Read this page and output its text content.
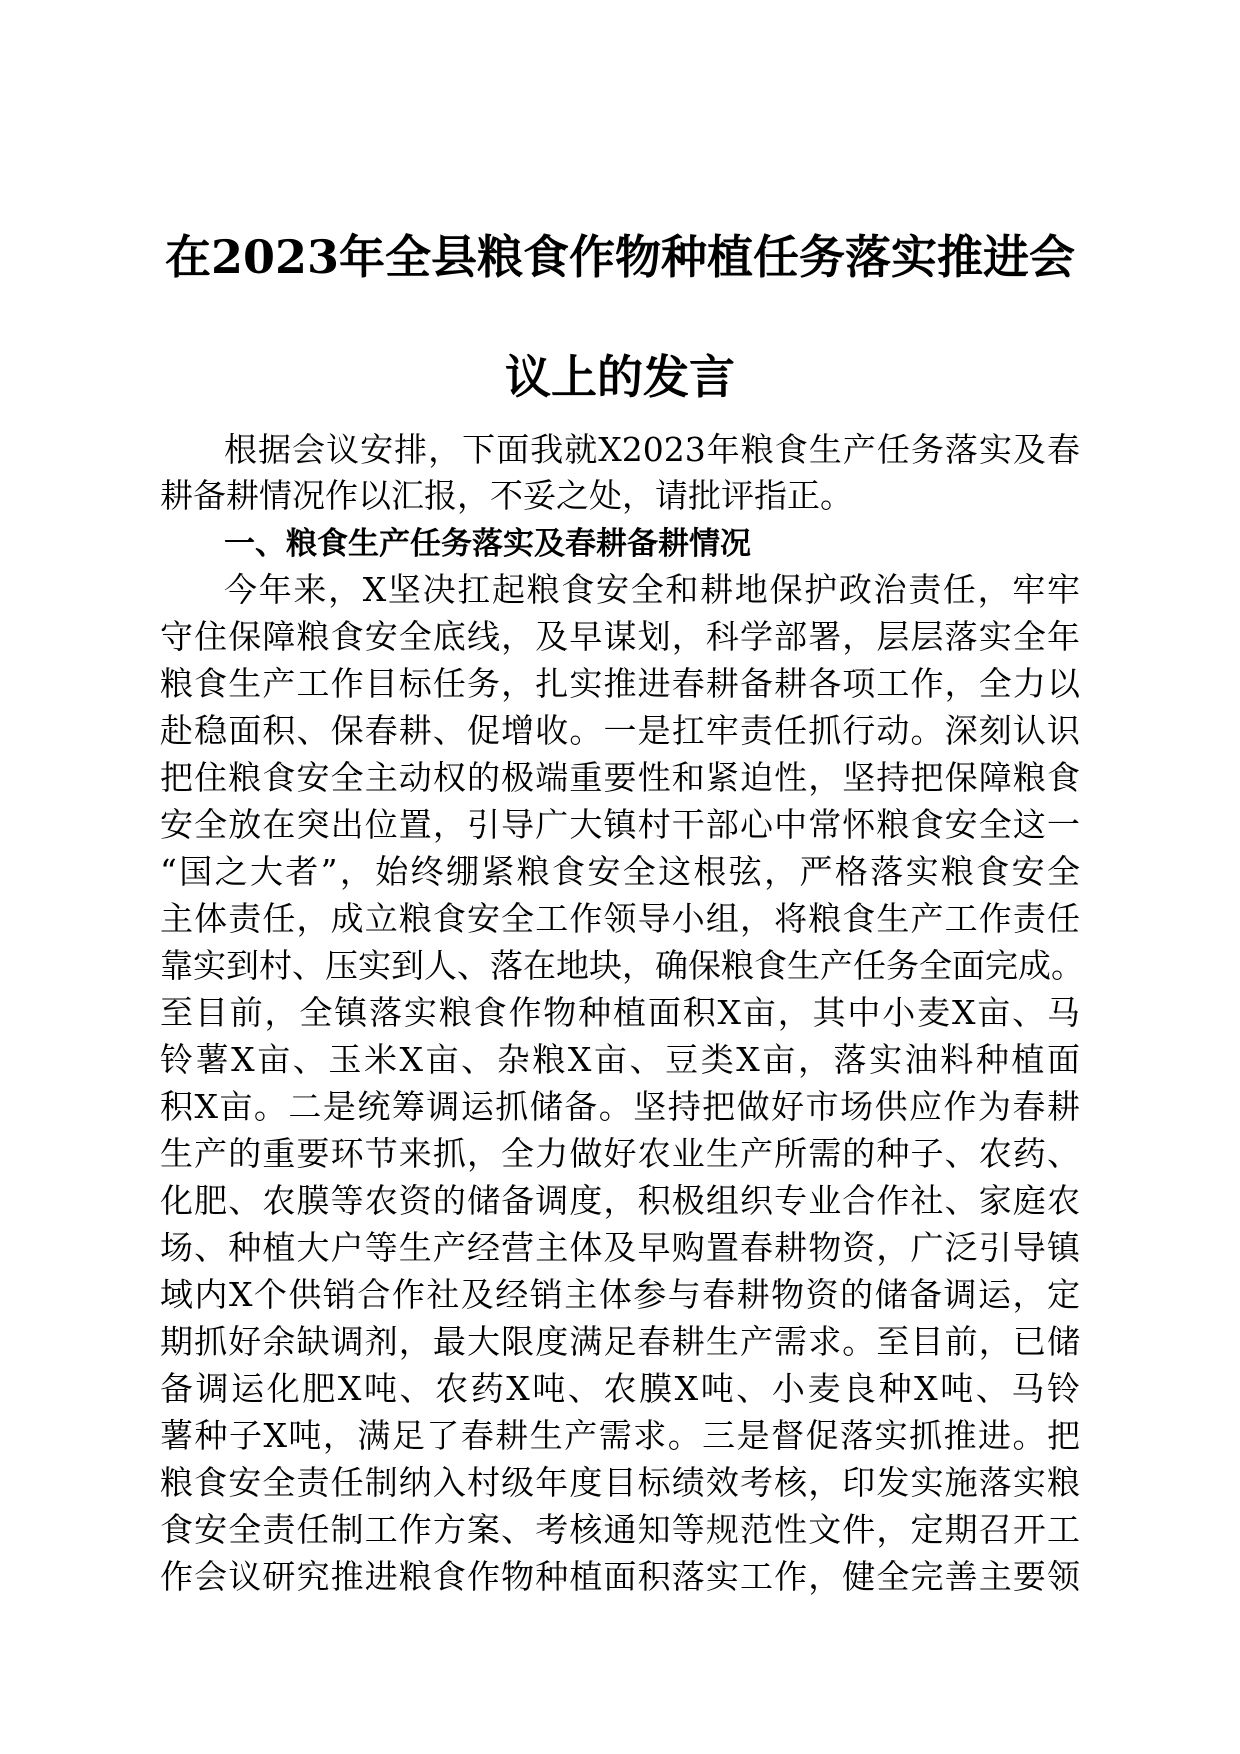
在2023年全县粮食作物种植任务落实推进会
议上的发言
根据会议安排，下面我就X2023年粮食生产任务落实及春
耕备耕情况作以汇报，不妥之处，请批评指正。
一、粮食生产任务落实及春耕备耕情况
今年来，X坚决扛起粮食安全和耕地保护政治责任，牢牢
守住保障粮食安全底线，及早谋划，科学部署，层层落实全年
粮食生产工作目标任务，扎实推进春耕备耕各项工作，全力以
赴稳面积、保春耕、促增收。一是扛牢责任抓行动。深刻认识
把住粮食安全主动权的极端重要性和紧迫性，坚持把保障粮食
安全放在突出位置，引导广大镇村干部心中常怀粮食安全这一
“国之大者”，始终绷紧粮食安全这根弦，严格落实粮食安全
主体责任，成立粮食安全工作领导小组，将粮食生产工作责任
靠实到村、压实到人、落在地块，确保粮食生产任务全面完成。
至目前，全镇落实粮食作物种植面积X亩，其中小麦X亩、马
铃薯X亩、玉米X亩、杂粮X亩、豆类X亩，落实油料种植面
积X亩。二是统筹调运抓储备。坚持把做好市场供应作为春耕
生产的重要环节来抓，全力做好农业生产所需的种子、农药、
化肥、农膜等农资的储备调度，积极组织专业合作社、家庭农
场、种植大户等生产经营主体及早购置春耕物资，广泛引导镇
域内X个供销合作社及经销主体参与春耕物资的储备调运，定
期抓好余缺调剂，最大限度满足春耕生产需求。至目前，已储
备调运化肥X吨、农药X吨、农膜X吨、小麦良种X吨、马铃
薯种子X吨，满足了春耕生产需求。三是督促落实抓推进。把
粮食安全责任制纳入村级年度目标绩效考核，印发实施落实粮
食安全责任制工作方案、考核通知等规范性文件，定期召开工
作会议研究推进粮食作物种植面积落实工作，健全完善主要领
